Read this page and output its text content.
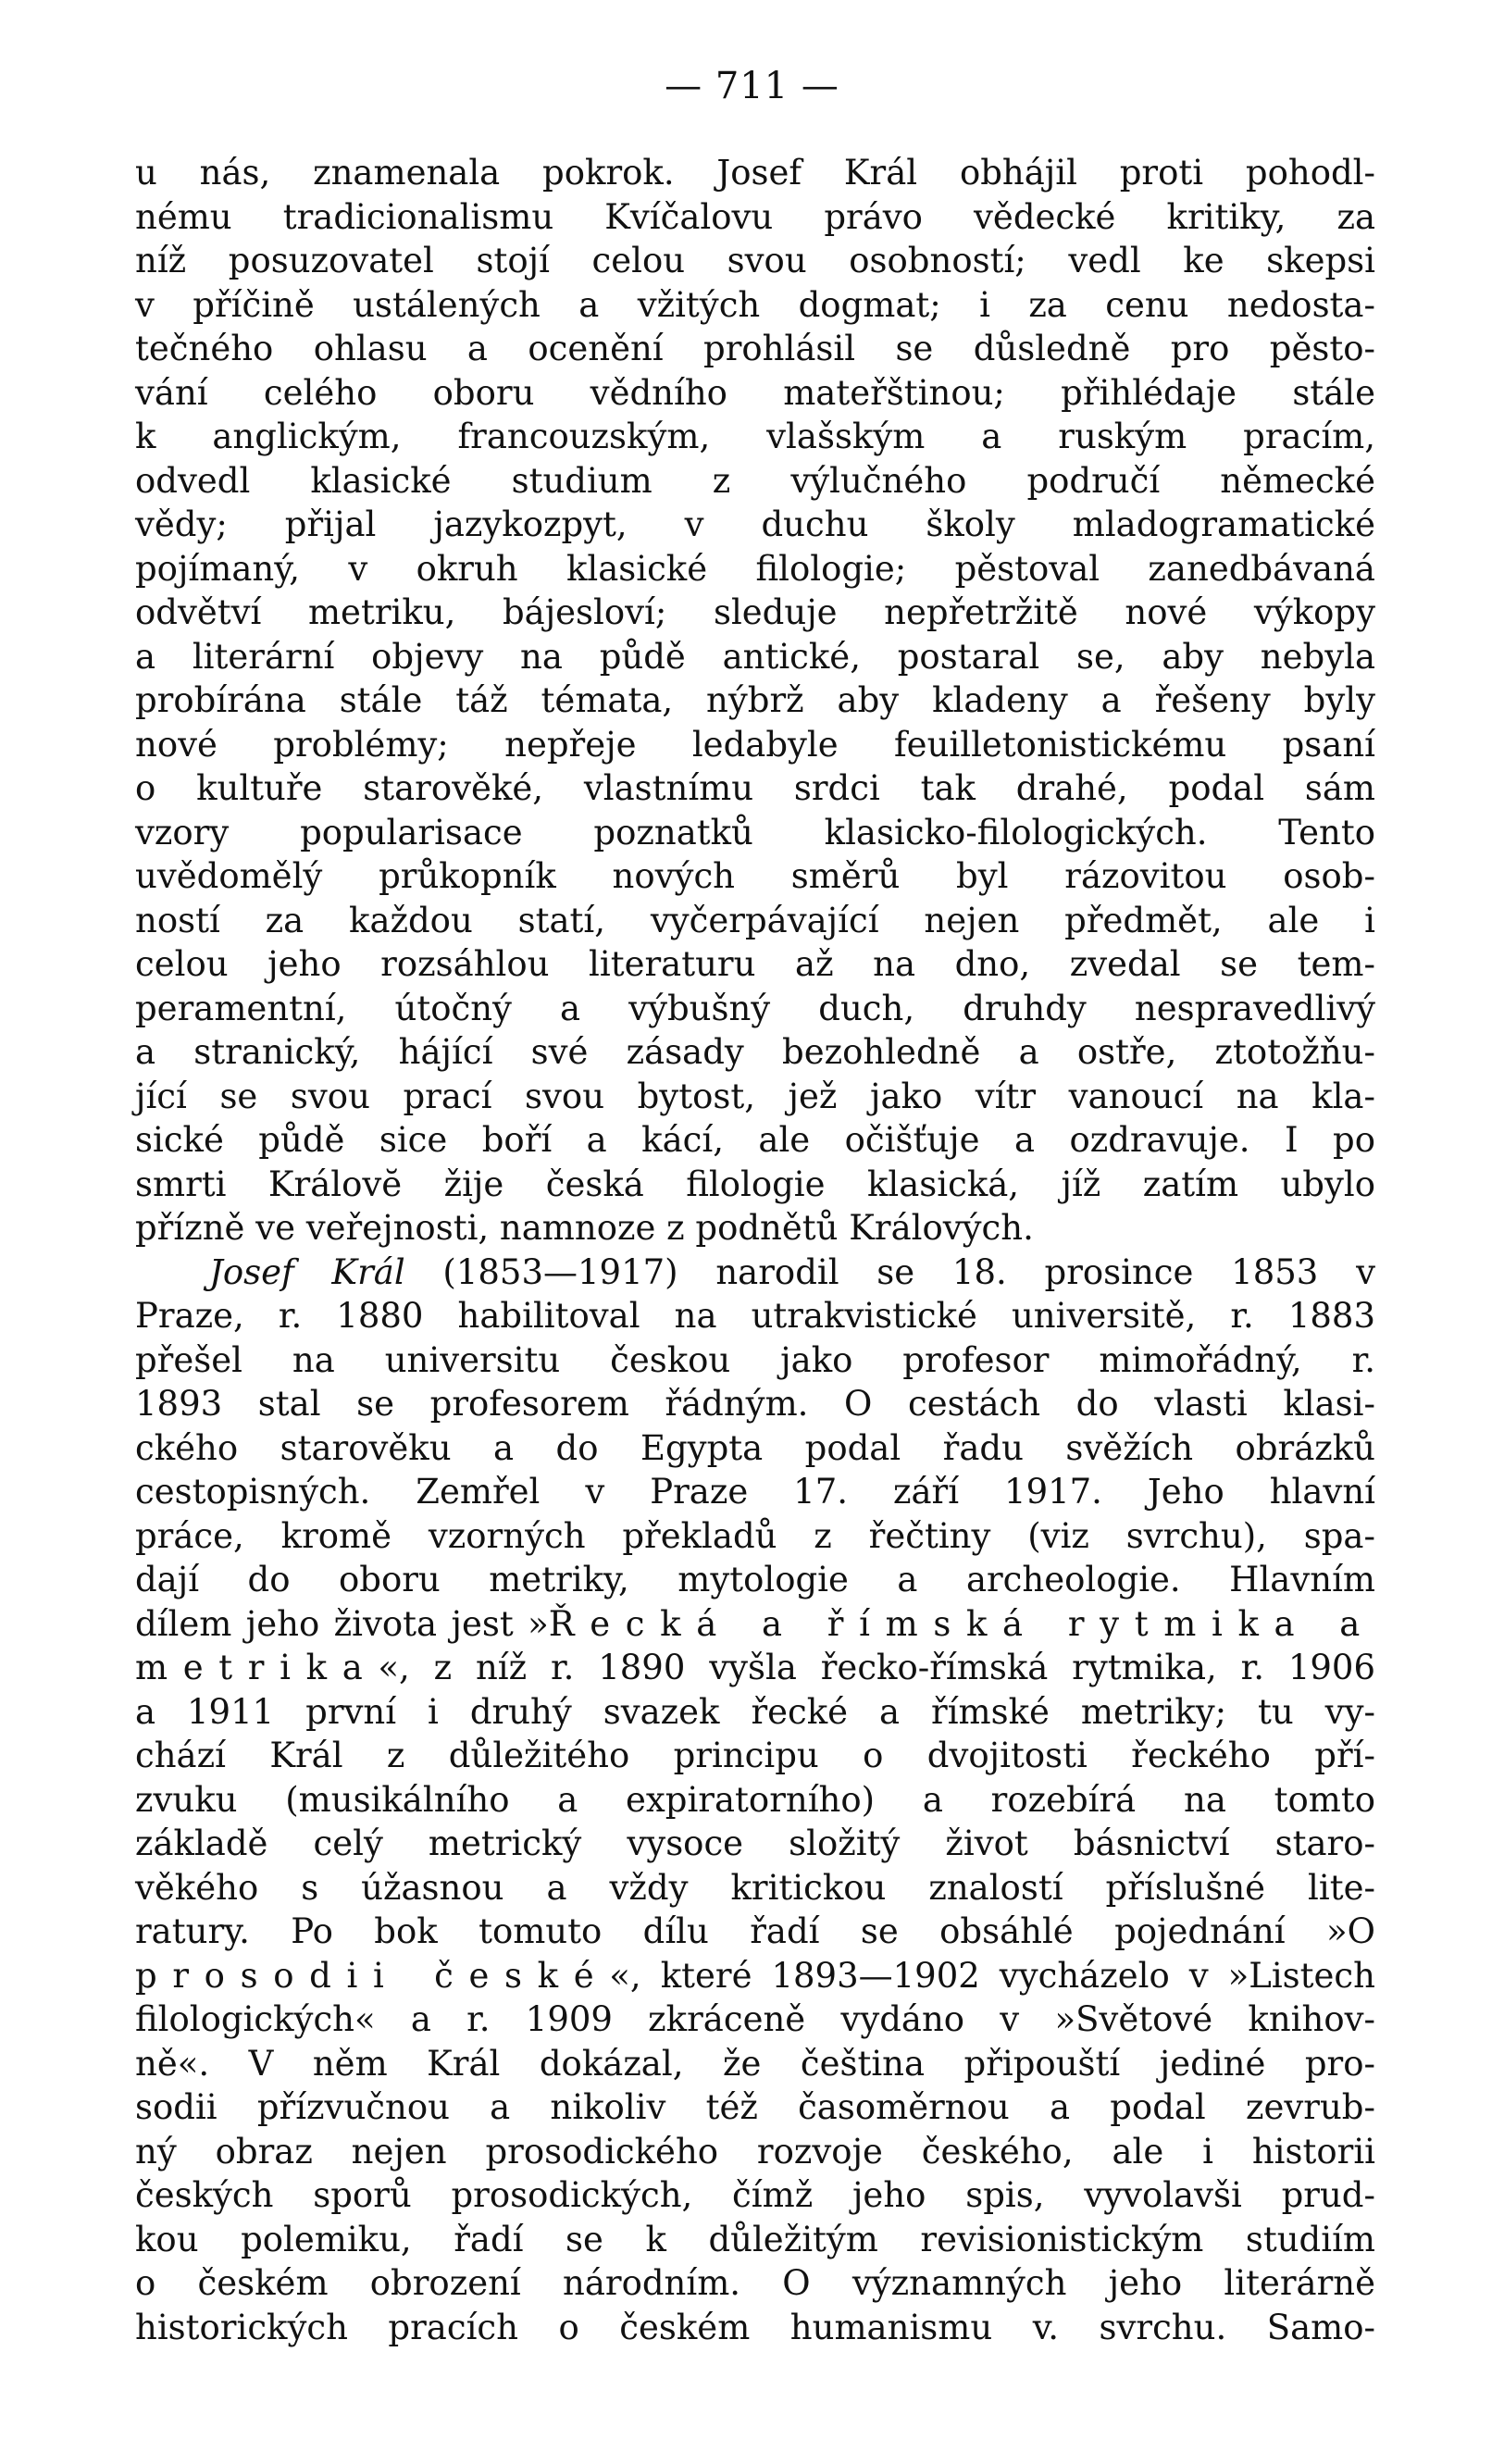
— 711 —
u nás, znamenala pokrok. Josef Král obhájil proti pohodl-
nému tradicionalismu Kvíčalovu právo vědecké kritiky, za
níž posuzovatel stojí celou svou osobností; vedl ke skepsi
v příčině ustálených a vžitých dogmat; i za cenu nedosta-
tečného ohlasu a ocenění prohlásil se důsledně pro pěsto-
vání celého oboru vědního mateřštinou; přihlédaje stále
k anglickým, francouzským, vlašským a ruským pracím,
odvedl klasické studium z výlučného područí německé
vědy; přijal jazykozpyt, v duchu školy mladogramatické
pojímaný, v okruh klasické filologie; pěstoval zanedbávaná
odvětví metriku, bájesloví; sleduje nepřetržitě nové výkopy
a literární objevy na půdě antické, postaral se, aby nebyla
probírána stále táž témata, nýbrž aby kladeny a řešeny byly
nové problémy; nepřeje ledabyle feuilletonistickému psaní
o kultuře starověké, vlastnímu srdci tak drahé, podal sám
vzory popularisace poznatků klasicko-filologických. Tento
uvědomělý průkopník nových směrů byl rázovitou osob-
ností za každou statí, vyčerpávající nejen předmět, ale i
celou jeho rozsáhlou literaturu až na dno, zvedal se tem-
peramentní, útočný a výbušný duch, druhdy nespravedlivý
a stranický, hájící své zásady bezohledně a ostře, ztotožňu-
jící se svou prací svou bytost, jež jako vítr vanoucí na kla-
sické půdě sice boří a kácí, ale očišťuje a ozdravuje. I po
smrti Královĕ žije česká filologie klasická, jíž zatím ubylo
přízně ve veřejnosti, namnoze z podnětů Králových.
Josef Král (1853—1917) narodil se 18. prosince 1853 v
Praze, r. 1880 habilitoval na utrakvistické universitě, r. 1883
přešel na universitu českou jako profesor mimořádný, r.
1893 stal se profesorem řádným. O cestách do vlasti klasi-
ckého starověku a do Egypta podal řadu svěžích obrázků
cestopisných. Zemřel v Praze 17. září 1917. Jeho hlavní
práce, kromě vzorných překladů z řečtiny (viz svrchu), spa-
dají do oboru metriky, mytologie a archeologie. Hlavním
dílem jeho života jest »Řecká a římská rytmika a
metrika«, z níž r. 1890 vyšla řecko-římská rytmika, r. 1906
a 1911 první i druhý svazek řecké a římské metriky; tu vy-
chází Král z důležitého principu o dvojitosti řeckého pří-
zvuku (musikálního a expiratorního) a rozebírá na tomto
základě celý metrický vysoce složitý život básnictví staro-
věkého s úžasnou a vždy kritickou znalostí příslušné lite-
ratury. Po bok tomuto dílu řadí se obsáhlé pojednání »O
prosodii české«, které 1893—1902 vycházelo v »Listech
filologických« a r. 1909 zkráceně vydáno v »Světové knihov-
ně«. V něm Král dokázal, že čeština připouští jediné pro-
sodii přízvučnou a nikoliv též časoměrnou a podal zevrub-
ný obraz nejen prosodického rozvoje českého, ale i historii
českých sporů prosodických, čímž jeho spis, vyvolavši prud-
kou polemiku, řadí se k důležitým revisionistickým studiím
o českém obrození národním. O významných jeho literárně
historických pracích o českém humanismu v. svrchu. Samo-
